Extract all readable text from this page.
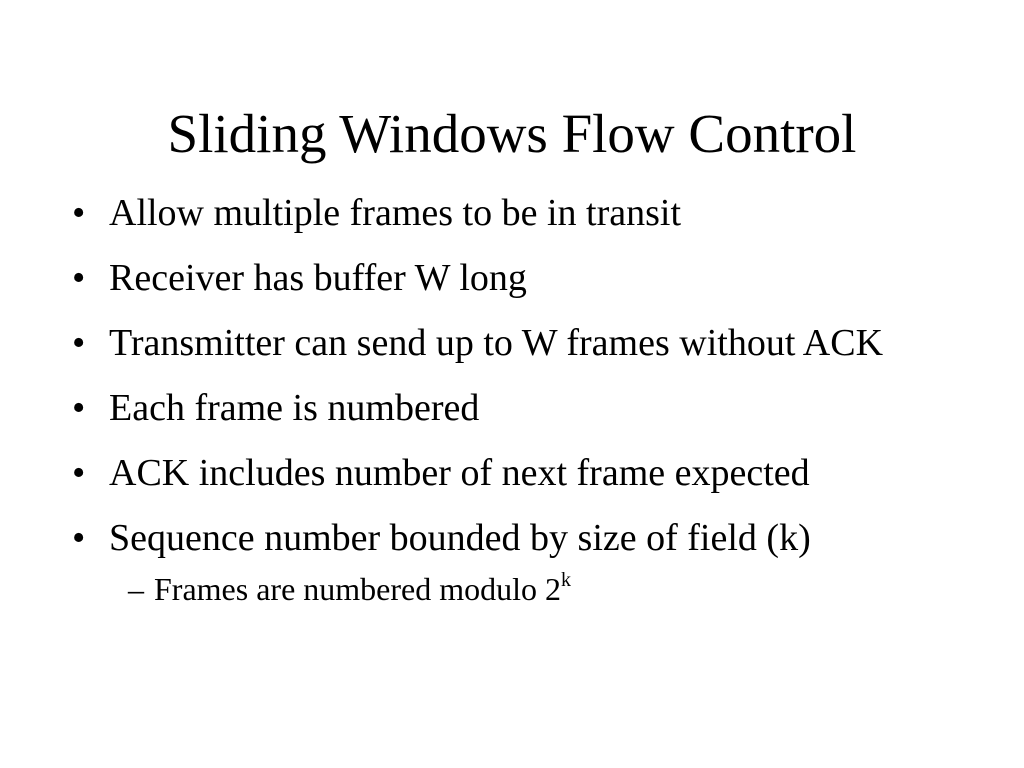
Sliding Windows Flow Control
• Allow multiple frames to be in transit
• Receiver has buffer W long
• Transmitter can send up to W frames without ACK
• Each frame is numbered
• ACK includes number of next frame expected
• Sequence number bounded by size of field (k)
– Frames are numbered modulo 2$^k$
